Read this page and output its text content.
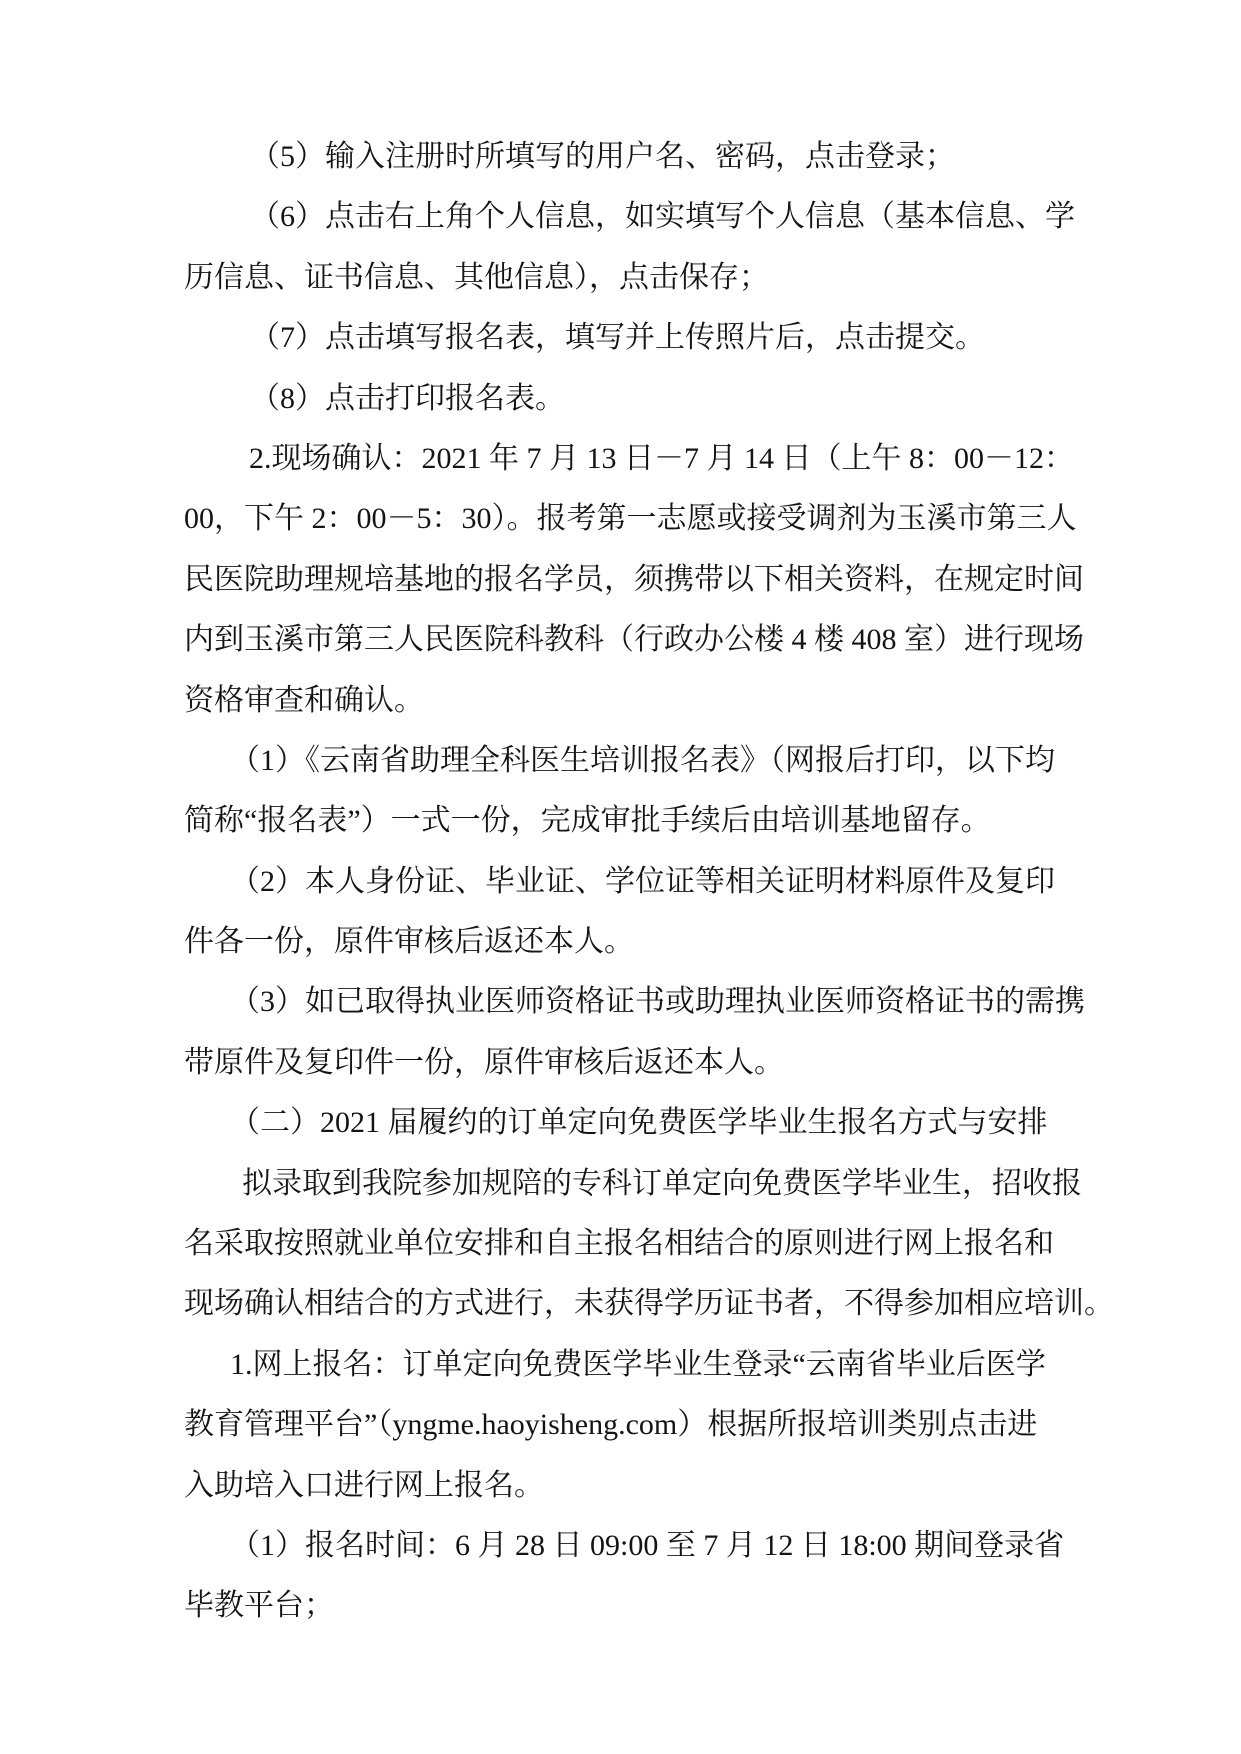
（5）输入注册时所填写的用户名、密码，点击登录；
（6）点击右上角个人信息，如实填写个人信息（基本信息、学
历信息、证书信息、其他信息），点击保存；
（7）点击填写报名表，填写并上传照片后，点击提交。
（8）点击打印报名表。
2.现场确认：2021 年 7 月 13 日－7 月 14 日（上午 8：00－12：
00，下午 2：00－5：30）。报考第一志愿或接受调剂为玉溪市第三人
民医院助理规培基地的报名学员，须携带以下相关资料，在规定时间
内到玉溪市第三人民医院科教科（行政办公楼 4 楼 408 室）进行现场
资格审查和确认。
（1）《云南省助理全科医生培训报名表》（网报后打印，以下均
简称“报名表”）一式一份，完成审批手续后由培训基地留存。
（2）本人身份证、毕业证、学位证等相关证明材料原件及复印
件各一份，原件审核后返还本人。
（3）如已取得执业医师资格证书或助理执业医师资格证书的需携
带原件及复印件一份，原件审核后返还本人。
（二）2021 届履约的订单定向免费医学毕业生报名方式与安排
拟录取到我院参加规陪的专科订单定向免费医学毕业生，招收报
名采取按照就业单位安排和自主报名相结合的原则进行网上报名和
现场确认相结合的方式进行，未获得学历证书者，不得参加相应培训。
1.网上报名：订单定向免费医学毕业生登录“云南省毕业后医学
教育管理平台”（yngme.haoyisheng.com）根据所报培训类别点击进
入助培入口进行网上报名。
（1）报名时间：6 月 28 日 09:00 至 7 月 12 日 18:00 期间登录省
毕教平台；
